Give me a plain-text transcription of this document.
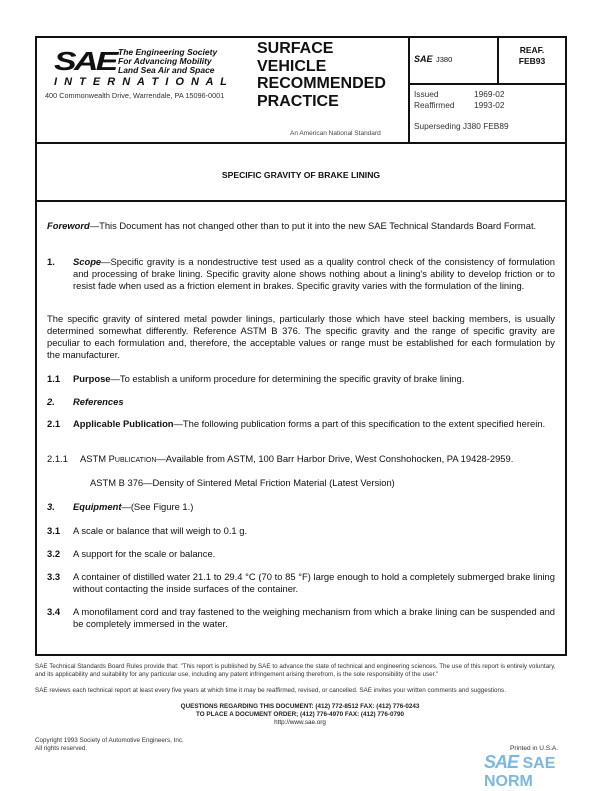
SAE The Engineering Society
For Advancing Mobility
Land Sea Air and Space
I N T E R N A T I O N A L
400 Commonwealth Drive, Warrendale, PA 15096-0001
SURFACE
VEHICLE
RECOMMENDED
PRACTICE
An American National Standard
SAE J380
REAF.
FEB93
Issued	1969-02
Reaffirmed 1993-02
Superseding J380 FEB89
SPECIFIC GRAVITY OF BRAKE LINING
Foreword—This Document has not changed other than to put it into the new SAE Technical Standards Board Format.
1. Scope—Specific gravity is a nondestructive test used as a quality control check of the consistency of formulation and processing of brake lining. Specific gravity alone shows nothing about a lining's ability to develop friction or to resist fade when used as a friction element in brakes. Specific gravity varies with the formulation of the lining.
The specific gravity of sintered metal powder linings, particularly those which have steel backing members, is usually determined somewhat differently. Reference ASTM B 376. The specific gravity and the range of specific gravity are peculiar to each formulation and, therefore, the acceptable values or range must be established for each formulation by the manufacturer.
1.1 Purpose—To establish a uniform procedure for determining the specific gravity of brake lining.
2. References
2.1 Applicable Publication—The following publication forms a part of this specification to the extent specified herein.
2.1.1 ASTM Publication—Available from ASTM, 100 Barr Harbor Drive, West Conshohocken, PA 19428-2959.
ASTM B 376—Density of Sintered Metal Friction Material (Latest Version)
3. Equipment—(See Figure 1.)
3.1 A scale or balance that will weigh to 0.1 g.
3.2 A support for the scale or balance.
3.3 A container of distilled water 21.1 to 29.4 °C (70 to 85 °F) large enough to hold a completely submerged brake lining without contacting the inside surfaces of the container.
3.4 A monofilament cord and tray fastened to the weighing mechanism from which a brake lining can be suspended and be completely immersed in the water.
SAE Technical Standards Board Rules provide that: "This report is published by SAE to advance the state of technical and engineering sciences. The use of this report is entirely voluntary, and its applicability and suitability for any particular use, including any patent infringement arising therefrom, is the sole responsibility of the user."
SAE reviews each technical report at least every five years at which time it may be reaffirmed, revised, or cancelled. SAE invites your written comments and suggestions.
QUESTIONS REGARDING THIS DOCUMENT: (412) 772-8512 FAX: (412) 776-0243
TO PLACE A DOCUMENT ORDER; (412) 776-4970 FAX: (412) 776-0790
http://www.sae.org
Copyright 1993 Society of Automotive Engineers, Inc.
All rights reserved.	Printed in U.S.A.
SAE SAE NORM
